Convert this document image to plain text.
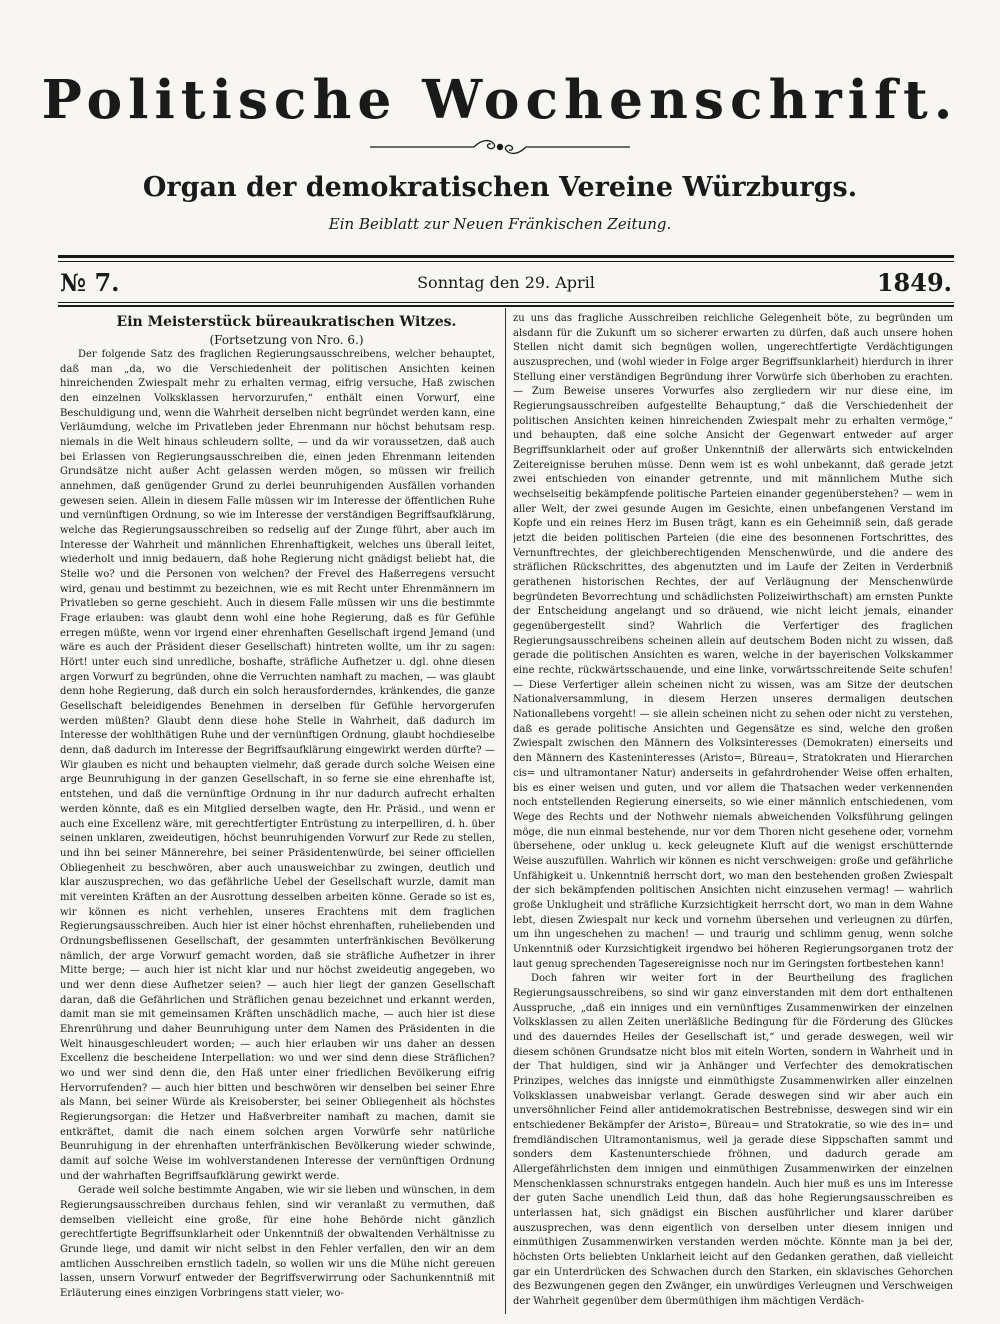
Politische Wochenschrift.
Organ der demokratischen Vereine Würzburgs.
Ein Beiblatt zur Neuen Fränkischen Zeitung.
№ 7.	Sonntag den 29. April	1849.

Ein Meisterstück büreaukratischen Witzes.

(Fortsetzung von Nro. 6.)

Der folgende Satz des fraglichen Regierungsausschreibens, welcher behauptet, daß man „da, wo die Verschiedenheit der politischen Ansichten keinen hinreichenden Zwiespalt mehr zu erhalten vermag, eifrig versuche, Haß zwischen den einzelnen Volksklassen hervorzurufen,“ enthält einen Vorwurf, eine Beschuldigung und, wenn die Wahrheit derselben nicht begründet werden kann, eine Verläumdung, welche im Privatleben jeder Ehrenmann nur höchst behutsam resp. niemals in die Welt hinaus schleudern sollte, — und da wir voraussetzen, daß auch bei Erlassen von Regierungsausschreiben die, einen jeden Ehrenmann leitenden Grundsätze nicht außer Acht gelassen werden mögen, so müssen wir freilich annehmen, daß genügender Grund zu derlei beunruhigenden Ausfällen vorhanden gewesen seien. Allein in diesem Falle müssen wir im Interesse der öffentlichen Ruhe und vernünftigen Ordnung, so wie im Interesse der verständigen Begriffsaufklärung, welche das Regierungsausschreiben so redselig auf der Zunge führt, aber auch im Interesse der Wahrheit und männlichen Ehrenhaftigkeit, welches uns überall leitet, wiederholt und innig bedauern, daß hohe Regierung nicht gnädigst beliebt hat, die Stelle wo? und die Personen von welchen? der Frevel des Haßerregens versucht wird, genau und bestimmt zu bezeichnen, wie es mit Recht unter Ehrenmännern im Privatleben so gerne geschieht. Auch in diesem Falle müssen wir uns die bestimmte Frage erlauben: was glaubt denn wohl eine hohe Regierung, daß es für Gefühle erregen müßte, wenn vor irgend einer ehrenhaften Gesellschaft irgend Jemand (und wäre es auch der Präsident dieser Gesellschaft) hintreten wollte, um ihr zu sagen: Hört! unter euch sind unredliche, boshafte, sträfliche Aufhetzer u. dgl. ohne diesen argen Vorwurf zu begründen, ohne die Verruchten namhaft zu machen, — was glaubt denn hohe Regierung, daß durch ein solch herausforderndes, kränkendes, die ganze Gesellschaft beleidigendes Benehmen in derselben für Gefühle hervorgerufen werden müßten? Glaubt denn diese hohe Stelle in Wahrheit, daß dadurch im Interesse der wohlthätigen Ruhe und der vernünftigen Ordnung, glaubt hochdieselbe denn, daß dadurch im Interesse der Begriffsaufklärung eingewirkt werden dürfte? — Wir glauben es nicht und behaupten vielmehr, daß gerade durch solche Weisen eine arge Beunruhigung in der ganzen Gesellschaft, in so ferne sie eine ehrenhafte ist, entstehen, und daß die vernünftige Ordnung in ihr nur dadurch aufrecht erhalten werden könnte, daß es ein Mitglied derselben wagte, den Hr. Präsid., und wenn er auch eine Excellenz wäre, mit gerechtfertigter Entrüstung zu interpelliren, d. h. über seinen unklaren, zweideutigen, höchst beunruhigenden Vorwurf zur Rede zu stellen, und ihn bei seiner Männerehre, bei seiner Präsidentenwürde, bei seiner officiellen Obliegenheit zu beschwören, aber auch unausweichbar zu zwingen, deutlich und klar auszusprechen, wo das gefährliche Uebel der Gesellschaft wurzle, damit man mit vereinten Kräften an der Ausrottung desselben arbeiten könne. Gerade so ist es, wir können es nicht verhehlen, unseres Erachtens mit dem fraglichen Regierungsausschreiben. Auch hier ist einer höchst ehrenhaften, ruheliebenden und Ordnungsbeflissenen Gesellschaft, der gesammten unterfränkischen Bevölkerung nämlich, der arge Vorwurf gemacht worden, daß sie sträfliche Aufhetzer in ihrer Mitte berge; — auch hier ist nicht klar und nur höchst zweideutig angegeben, wo und wer denn diese Aufhetzer seien? — auch hier liegt der ganzen Gesellschaft daran, daß die Gefährlichen und Sträflichen genau bezeichnet und erkannt werden, damit man sie mit gemeinsamen Kräften unschädlich mache, — auch hier ist diese Ehrenrührung und daher Beunruhigung unter dem Namen des Präsidenten in die Welt hinausgeschleudert worden; — auch hier erlauben wir uns daher an dessen Excellenz die bescheidene Interpellation: wo und wer sind denn diese Sträflichen? wo und wer sind denn die, den Haß unter einer friedlichen Bevölkerung eifrig Hervorrufenden? — auch hier bitten und beschwören wir denselben bei seiner Ehre als Mann, bei seiner Würde als Kreisoberster, bei seiner Obliegenheit als höchstes Regierungsorgan: die Hetzer und Haßverbreiter namhaft zu machen, damit sie entkräftet, damit die nach einem solchen argen Vorwürfe sehr natürliche Beunruhigung in der ehrenhaften unterfränkischen Bevölkerung wieder schwinde, damit auf solche Weise im wohlverstandenen Interesse der vernünftigen Ordnung und der wahrhaften Begriffsaufklärung gewirkt werde.

Gerade weil solche bestimmte Angaben, wie wir sie lieben und wünschen, in dem Regierungsausschreiben durchaus fehlen, sind wir veranlaßt zu vermuthen, daß demselben vielleicht eine große, für eine hohe Behörde nicht gänzlich gerechtfertigte Begriffsunklarheit oder Unkenntniß der obwaltenden Verhältnisse zu Grunde liege, und damit wir nicht selbst in den Fehler verfallen, den wir an dem amtlichen Ausschreiben ernstlich tadeln, so wollen wir uns die Mühe nicht gereuen lassen, unsern Vorwurf entweder der Begriffsverwirrung oder Sachunkenntniß mit Erläuterung eines einzigen Vorbringens statt vieler, wo-

zu uns das fragliche Ausschreiben reichliche Gelegenheit böte, zu begründen um alsdann für die Zukunft um so sicherer erwarten zu dürfen, daß auch unsere hohen Stellen nicht damit sich begnügen wollen, ungerechtfertigte Verdächtigungen auszusprechen, und (wohl wieder in Folge arger Begriffsunklarheit) hierdurch in ihrer Stellung einer verständigen Begründung ihrer Vorwürfe sich überhoben zu erachten. — Zum Beweise unseres Vorwurfes also zergliedern wir nur diese eine, im Regierungsausschreiben aufgestellte Behauptung,“ daß die Verschiedenheit der politischen Ansichten keinen hinreichenden Zwiespalt mehr zu erhalten vermöge,“ und behaupten, daß eine solche Ansicht der Gegenwart entweder auf arger Begriffsunklarheit oder auf großer Unkenntniß der allerwärts sich entwickelnden Zeitereignisse beruhen müsse. Denn wem ist es wohl unbekannt, daß gerade jetzt zwei entschieden von einander getrennte, und mit männlichem Muthe sich wechselseitig bekämpfende politische Parteien einander gegenüberstehen? — wem in aller Welt, der zwei gesunde Augen im Gesichte, einen unbefangenen Verstand im Kopfe und ein reines Herz im Busen trägt, kann es ein Geheimniß sein, daß gerade jetzt die beiden politischen Parteien (die eine des besonnenen Fortschrittes, des Vernunftrechtes, der gleichberechtigenden Menschenwürde, und die andere des sträflichen Rückschrittes, des abgenutzten und im Laufe der Zeiten in Verderbniß gerathenen historischen Rechtes, der auf Verläugnung der Menschenwürde begründeten Bevorrechtung und schädlichsten Polizeiwirthschaft) am ernsten Punkte der Entscheidung angelangt und so dräuend, wie nicht leicht jemals, einander gegenübergestellt sind? Wahrlich die Verfertiger des fraglichen Regierungsausschreibens scheinen allein auf deutschem Boden nicht zu wissen, daß gerade die politischen Ansichten es waren, welche in der bayerischen Volkskammer eine rechte, rückwärtsschauende, und eine linke, vorwärtsschreitende Seite schufen! — Diese Verfertiger allein scheinen nicht zu wissen, was am Sitze der deutschen Nationalversammlung, in diesem Herzen unseres dermaligen deutschen Nationallebens vorgeht! — sie allein scheinen nicht zu sehen oder nicht zu verstehen, daß es gerade politische Ansichten und Gegensätze es sind, welche den großen Zwiespalt zwischen den Männern des Volksinteresses (Demokraten) einerseits und den Männern des Kasteninteresses (Aristo=, Büreau=, Stratokraten und Hierarchen cis= und ultramontaner Natur) anderseits in gefahrdrohender Weise offen erhalten, bis es einer weisen und guten, und vor allem die Thatsachen weder verkennenden noch entstellenden Regierung einerseits, so wie einer männlich entschiedenen, vom Wege des Rechts und der Nothwehr niemals abweichenden Volksführung gelingen möge, die nun einmal bestehende, nur vor dem Thoren nicht gesehene oder, vornehm übersehene, oder unklug u. keck geleugnete Kluft auf die wenigst erschütternde Weise auszufüllen. Wahrlich wir können es nicht verschweigen: große und gefährliche Unfähigkeit u. Unkenntniß herrscht dort, wo man den bestehenden großen Zwiespalt der sich bekämpfenden politischen Ansichten nicht einzusehen vermag! — wahrlich große Unklugheit und sträfliche Kurzsichtigkeit herrscht dort, wo man in dem Wahne lebt, diesen Zwiespalt nur keck und vornehm übersehen und verleugnen zu dürfen, um ihn ungeschehen zu machen! — und traurig und schlimm genug, wenn solche Unkenntniß oder Kurzsichtigkeit irgendwo bei höheren Regierungsorganen trotz der laut genug sprechenden Tagesereignisse noch nur im Geringsten fortbestehen kann!

Doch fahren wir weiter fort in der Beurtheilung des fraglichen Regierungsausschreibens, so sind wir ganz einverstanden mit dem dort enthaltenen Ausspruche, „daß ein inniges und ein vernünftiges Zusammenwirken der einzelnen Volksklassen zu allen Zeiten unerläßliche Bedingung für die Förderung des Glückes und des dauerndes Heiles der Gesellschaft ist,“ und gerade deswegen, weil wir diesem schönen Grundsatze nicht blos mit eiteln Worten, sondern in Wahrheit und in der That huldigen, sind wir ja Anhänger und Verfechter des demokratischen Prinzipes, welches das innigste und einmüthigste Zusammenwirken aller einzelnen Volksklassen unabweisbar verlangt. Gerade deswegen sind wir aber auch ein unversöhnlicher Feind aller antidemokratischen Bestrebnisse, deswegen sind wir ein entschiedener Bekämpfer der Aristo=, Büreau= und Stratokratie, so wie des in= und fremdländischen Ultramontanismus, weil ja gerade diese Sippschaften sammt und sonders dem Kastenunterschiede fröhnen, und dadurch gerade am Allergefährlichsten dem innigen und einmüthigen Zusammenwirken der einzelnen Menschenklassen schnurstraks entgegen handeln. Auch hier muß es uns im Interesse der guten Sache unendlich Leid thun, daß das hohe Regierungsausschreiben es unterlassen hat, sich gnädigst ein Bischen ausführlicher und klarer darüber auszusprechen, was denn eigentlich von derselben unter diesem innigen und einmüthigen Zusammenwirken verstanden werden möchte. Könnte man ja bei der, höchsten Orts beliebten Unklarheit leicht auf den Gedanken gerathen, daß vielleicht gar ein Unterdrücken des Schwachen durch den Starken, ein sklavisches Gehorchen des Bezwungenen gegen den Zwänger, ein unwürdiges Verleugnen und Verschweigen der Wahrheit gegenüber dem übermüthigen ihm mächtigen Verdäch-
